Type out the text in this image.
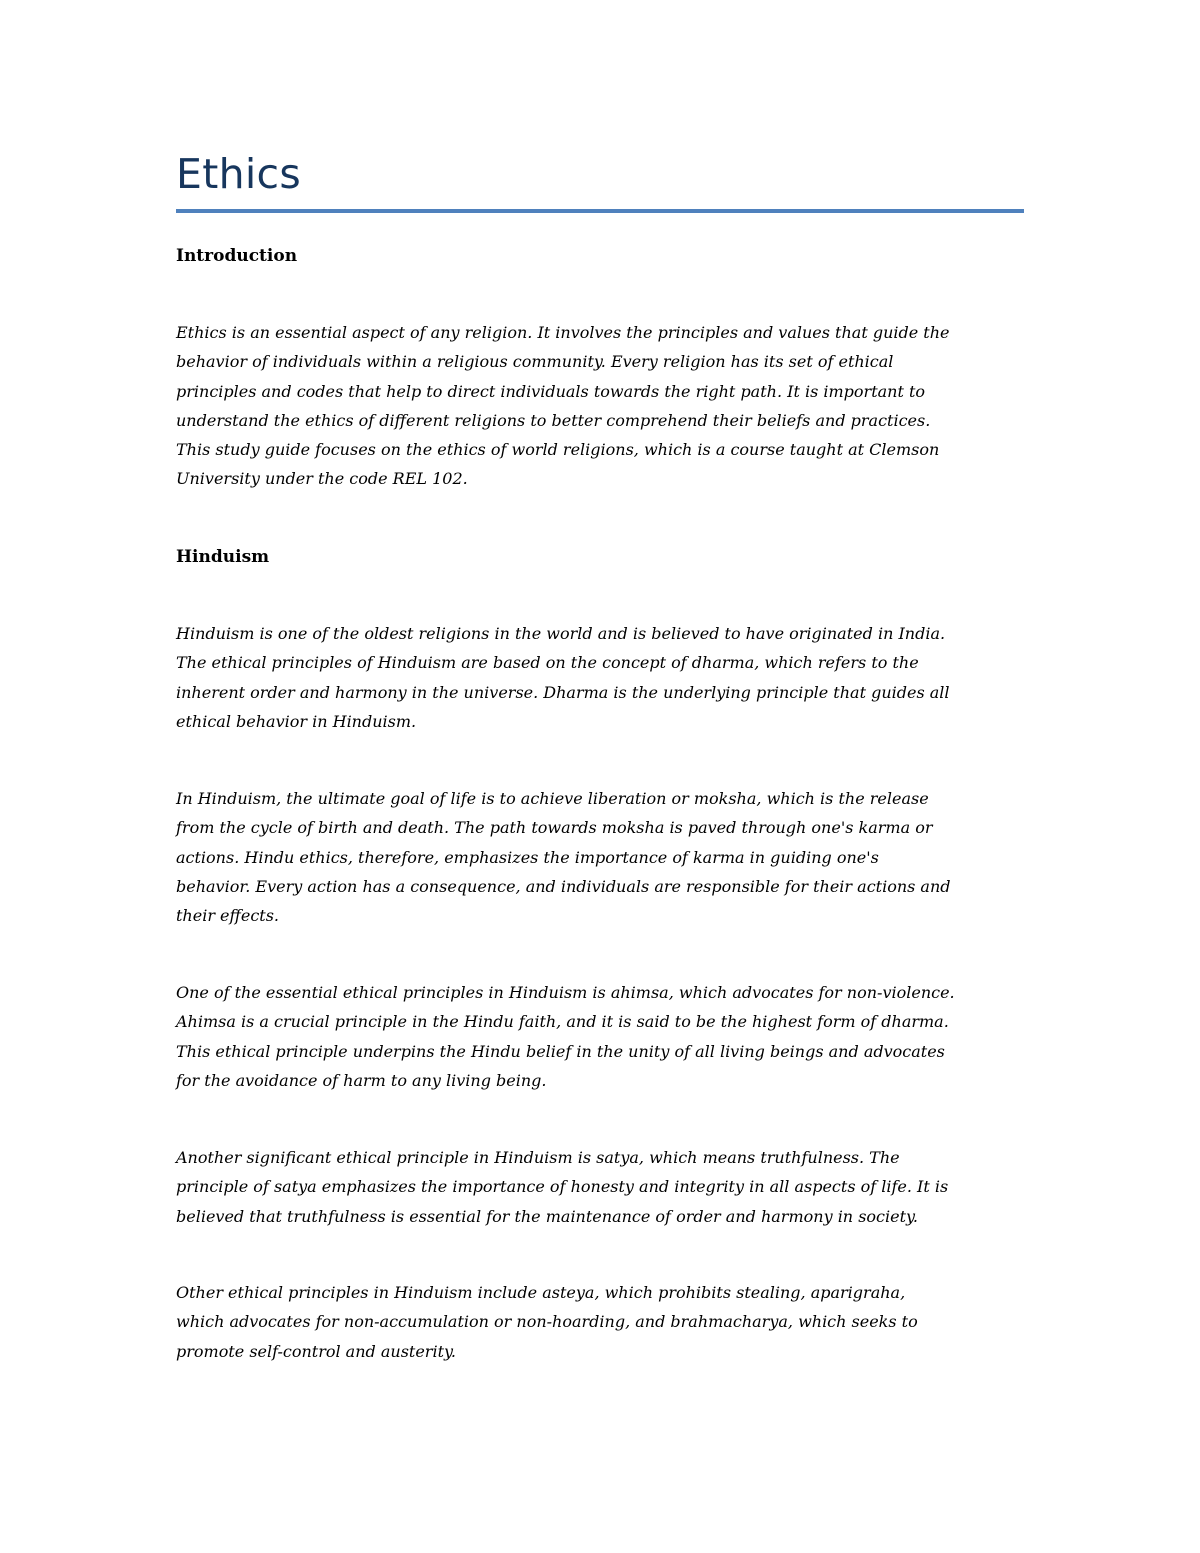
Ethics
Introduction

Ethics is an essential aspect of any religion. It involves the principles and values that guide the
behavior of individuals within a religious community. Every religion has its set of ethical
principles and codes that help to direct individuals towards the right path. It is important to
understand the ethics of different religions to better comprehend their beliefs and practices.
This study guide focuses on the ethics of world religions, which is a course taught at Clemson
University under the code REL 102.

Hinduism

Hinduism is one of the oldest religions in the world and is believed to have originated in India.
The ethical principles of Hinduism are based on the concept of dharma, which refers to the
inherent order and harmony in the universe. Dharma is the underlying principle that guides all
ethical behavior in Hinduism.

In Hinduism, the ultimate goal of life is to achieve liberation or moksha, which is the release
from the cycle of birth and death. The path towards moksha is paved through one's karma or
actions. Hindu ethics, therefore, emphasizes the importance of karma in guiding one's
behavior. Every action has a consequence, and individuals are responsible for their actions and
their effects.

One of the essential ethical principles in Hinduism is ahimsa, which advocates for non-violence.
Ahimsa is a crucial principle in the Hindu faith, and it is said to be the highest form of dharma.
This ethical principle underpins the Hindu belief in the unity of all living beings and advocates
for the avoidance of harm to any living being.

Another significant ethical principle in Hinduism is satya, which means truthfulness. The
principle of satya emphasizes the importance of honesty and integrity in all aspects of life. It is
believed that truthfulness is essential for the maintenance of order and harmony in society.

Other ethical principles in Hinduism include asteya, which prohibits stealing, aparigraha,
which advocates for non-accumulation or non-hoarding, and brahmacharya, which seeks to
promote self-control and austerity.
